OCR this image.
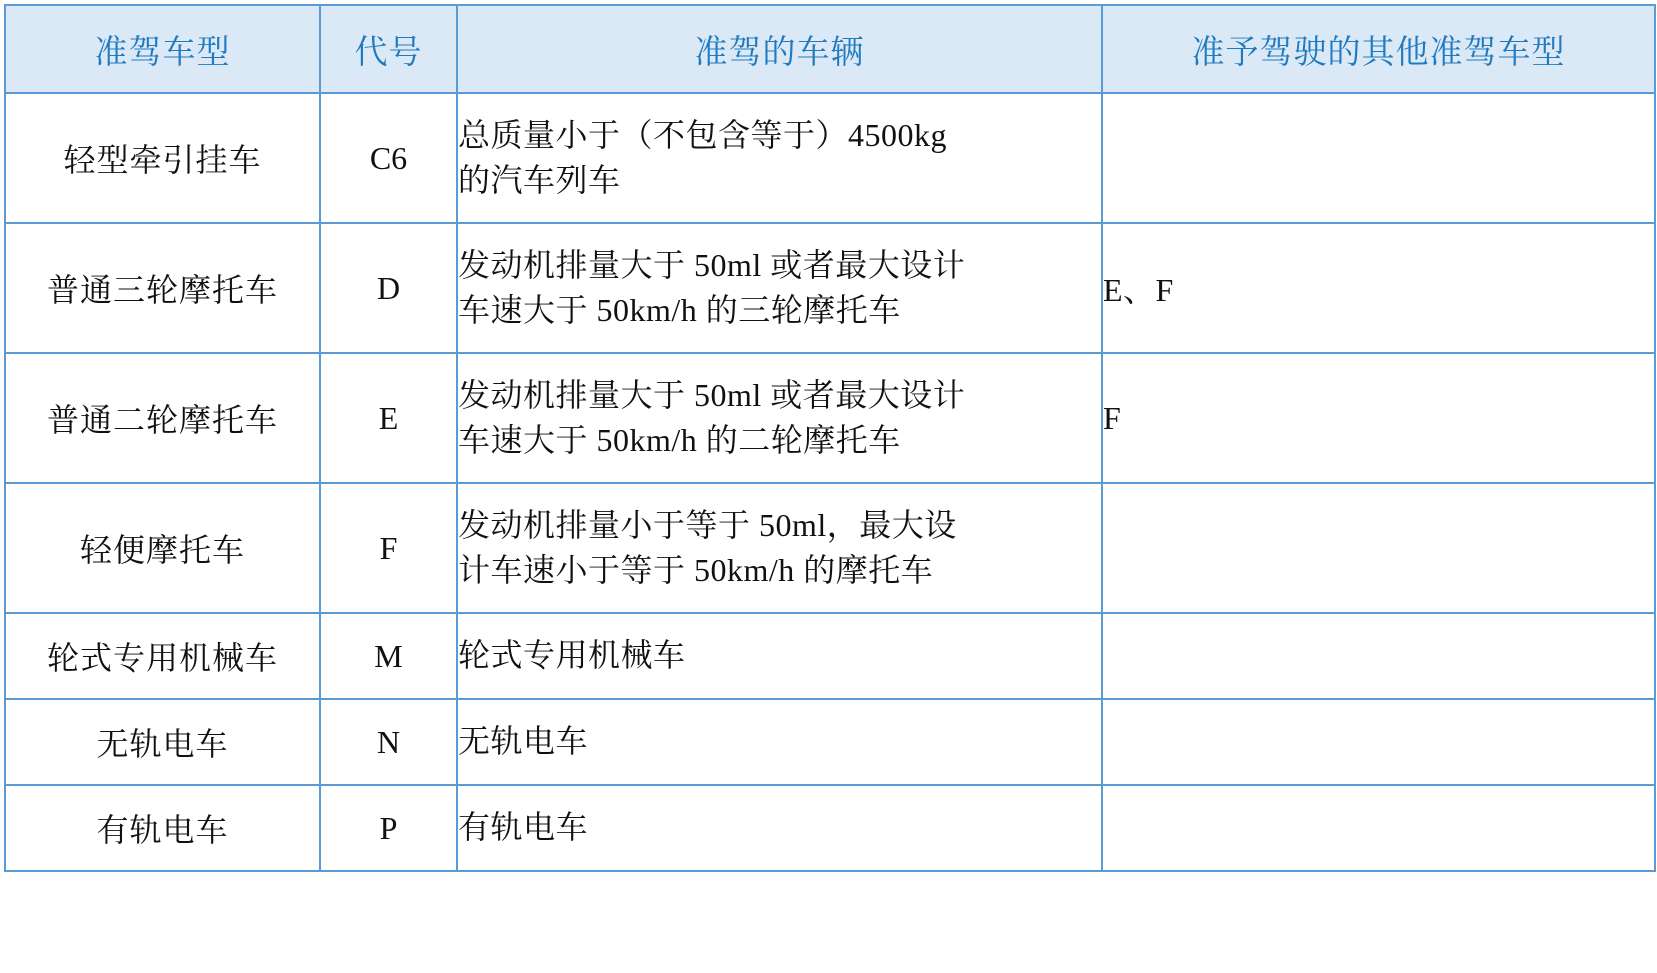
准驾车型	代号	准驾的车辆	准予驾驶的其他准驾车型
轻型牵引挂车	C6	总质量小于（不包含等于）4500kg
的汽车列车	

普通三轮摩托车	D	发动机排量大于 50ml 或者最大设计
车速大于 50km/h 的三轮摩托车	E、F
普通二轮摩托车	E	发动机排量大于 50ml 或者最大设计
车速大于 50km/h 的二轮摩托车	F
轻便摩托车	F	发动机排量小于等于 50ml，最大设
计车速小于等于 50km/h 的摩托车	

轮式专用机械车	M	轮式专用机械车	

无轨电车	N	无轨电车	

有轨电车	P	有轨电车	
